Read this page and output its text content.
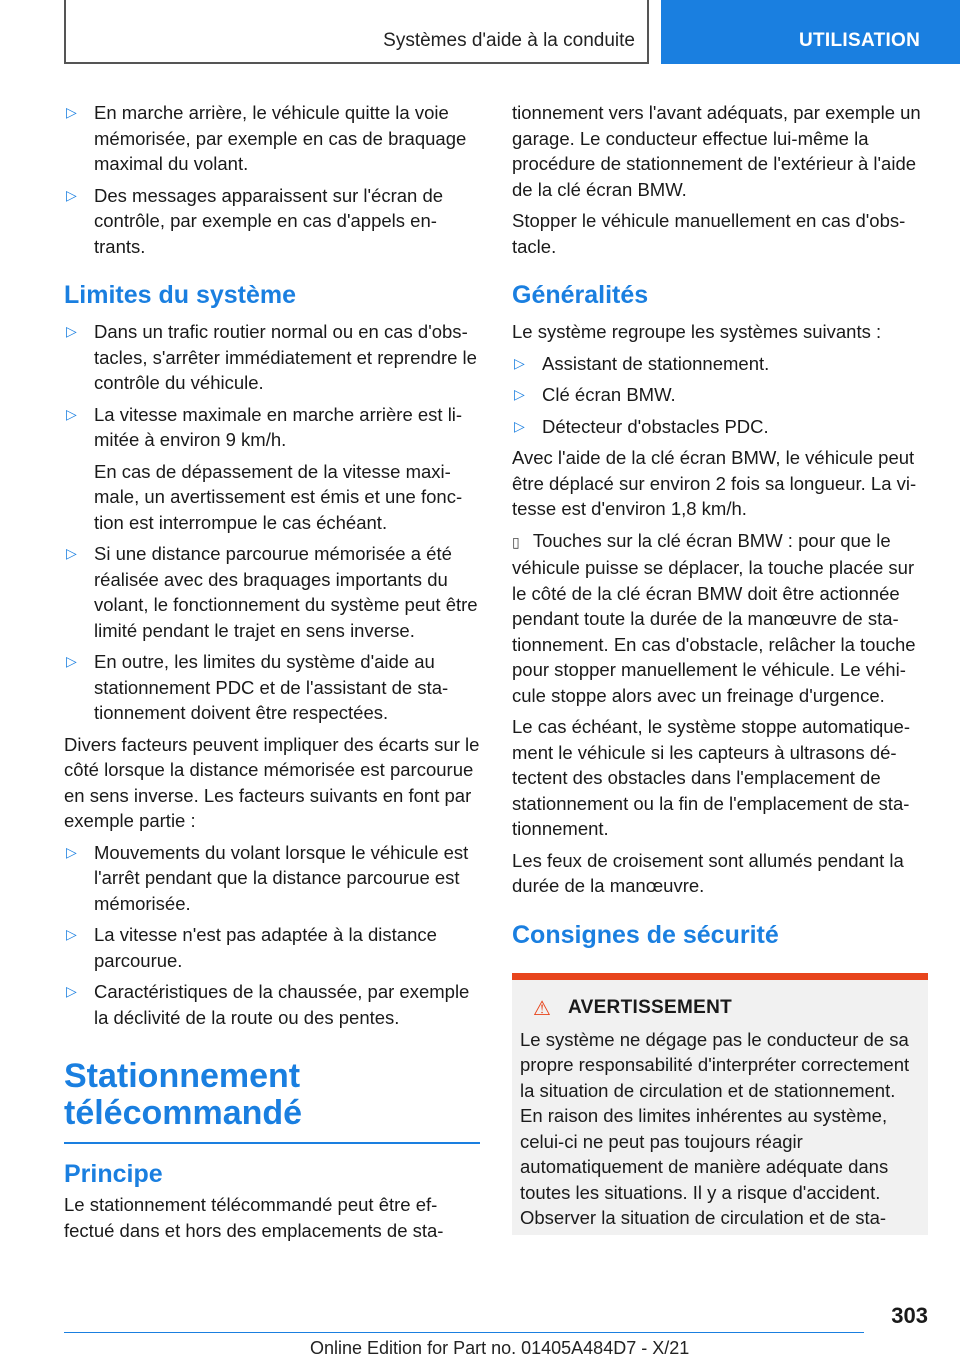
Systèmes d'aide à la conduite	UTILISATION
▷ En marche arrière, le véhicule quitte la voie mémorisée, par exemple en cas de braquage maximal du volant.
▷ Des messages apparaissent sur l'écran de contrôle, par exemple en cas d'appels entrants.
Limites du système
▷ Dans un trafic routier normal ou en cas d'obstacles, s'arrêter immédiatement et reprendre le contrôle du véhicule.
▷ La vitesse maximale en marche arrière est limitée à environ 9 km/h.
En cas de dépassement de la vitesse maximale, un avertissement est émis et une fonction est interrompue le cas échéant.
▷ Si une distance parcourue mémorisée a été réalisée avec des braquages importants du volant, le fonctionnement du système peut être limité pendant le trajet en sens inverse.
▷ En outre, les limites du système d'aide au stationnement PDC et de l'assistant de stationnement doivent être respectées.

Divers facteurs peuvent impliquer des écarts sur le côté lorsque la distance mémorisée est parcourue en sens inverse. Les facteurs suivants en font par exemple partie :

▷ Mouvements du volant lorsque le véhicule est l'arrêt pendant que la distance parcourue est mémorisée.
▷ La vitesse n'est pas adaptée à la distance parcourue.
▷ Caractéristiques de la chaussée, par exemple la déclivité de la route ou des pentes.
Stationnement
télécommandé
Principe

Le stationnement télécommandé peut être effectué dans et hors des emplacements de sta-

tionnement vers l'avant adéquats, par exemple un garage. Le conducteur effectue lui-même la procédure de stationnement de l'extérieur à l'aide de la clé écran BMW.

Stopper le véhicule manuellement en cas d'obstacle.

Généralités

Le système regroupe les systèmes suivants :

▷ Assistant de stationnement.
▷ Clé écran BMW.
▷ Détecteur d'obstacles PDC.

Avec l'aide de la clé écran BMW, le véhicule peut être déplacé sur environ 2 fois sa longueur. La vitesse est d'environ 1,8 km/h.

▯ Touches sur la clé écran BMW : pour que le véhicule puisse se déplacer, la touche placée sur le côté de la clé écran BMW doit être actionnée pendant toute la durée de la manœuvre de stationnement. En cas d'obstacle, relâcher la touche pour stopper manuellement le véhicule. Le véhicule stoppe alors avec un freinage d'urgence.

Le cas échéant, le système stoppe automatiquement le véhicule si les capteurs à ultrasons détectent des obstacles dans l'emplacement de stationnement ou la fin de l'emplacement de stationnement.

Les feux de croisement sont allumés pendant la durée de la manœuvre.

Consignes de sécurité
⚠ AVERTISSEMENT

Le système ne dégage pas le conducteur de sa propre responsabilité d'interpréter correctement la situation de circulation et de stationnement. En raison des limites inhérentes au système, celui-ci ne peut pas toujours réagir automatiquement de manière adéquate dans toutes les situations. Il y a risque d'accident. Observer la situation de circulation et de sta-

303
Online Edition for Part no. 01405A484D7 - X/21
